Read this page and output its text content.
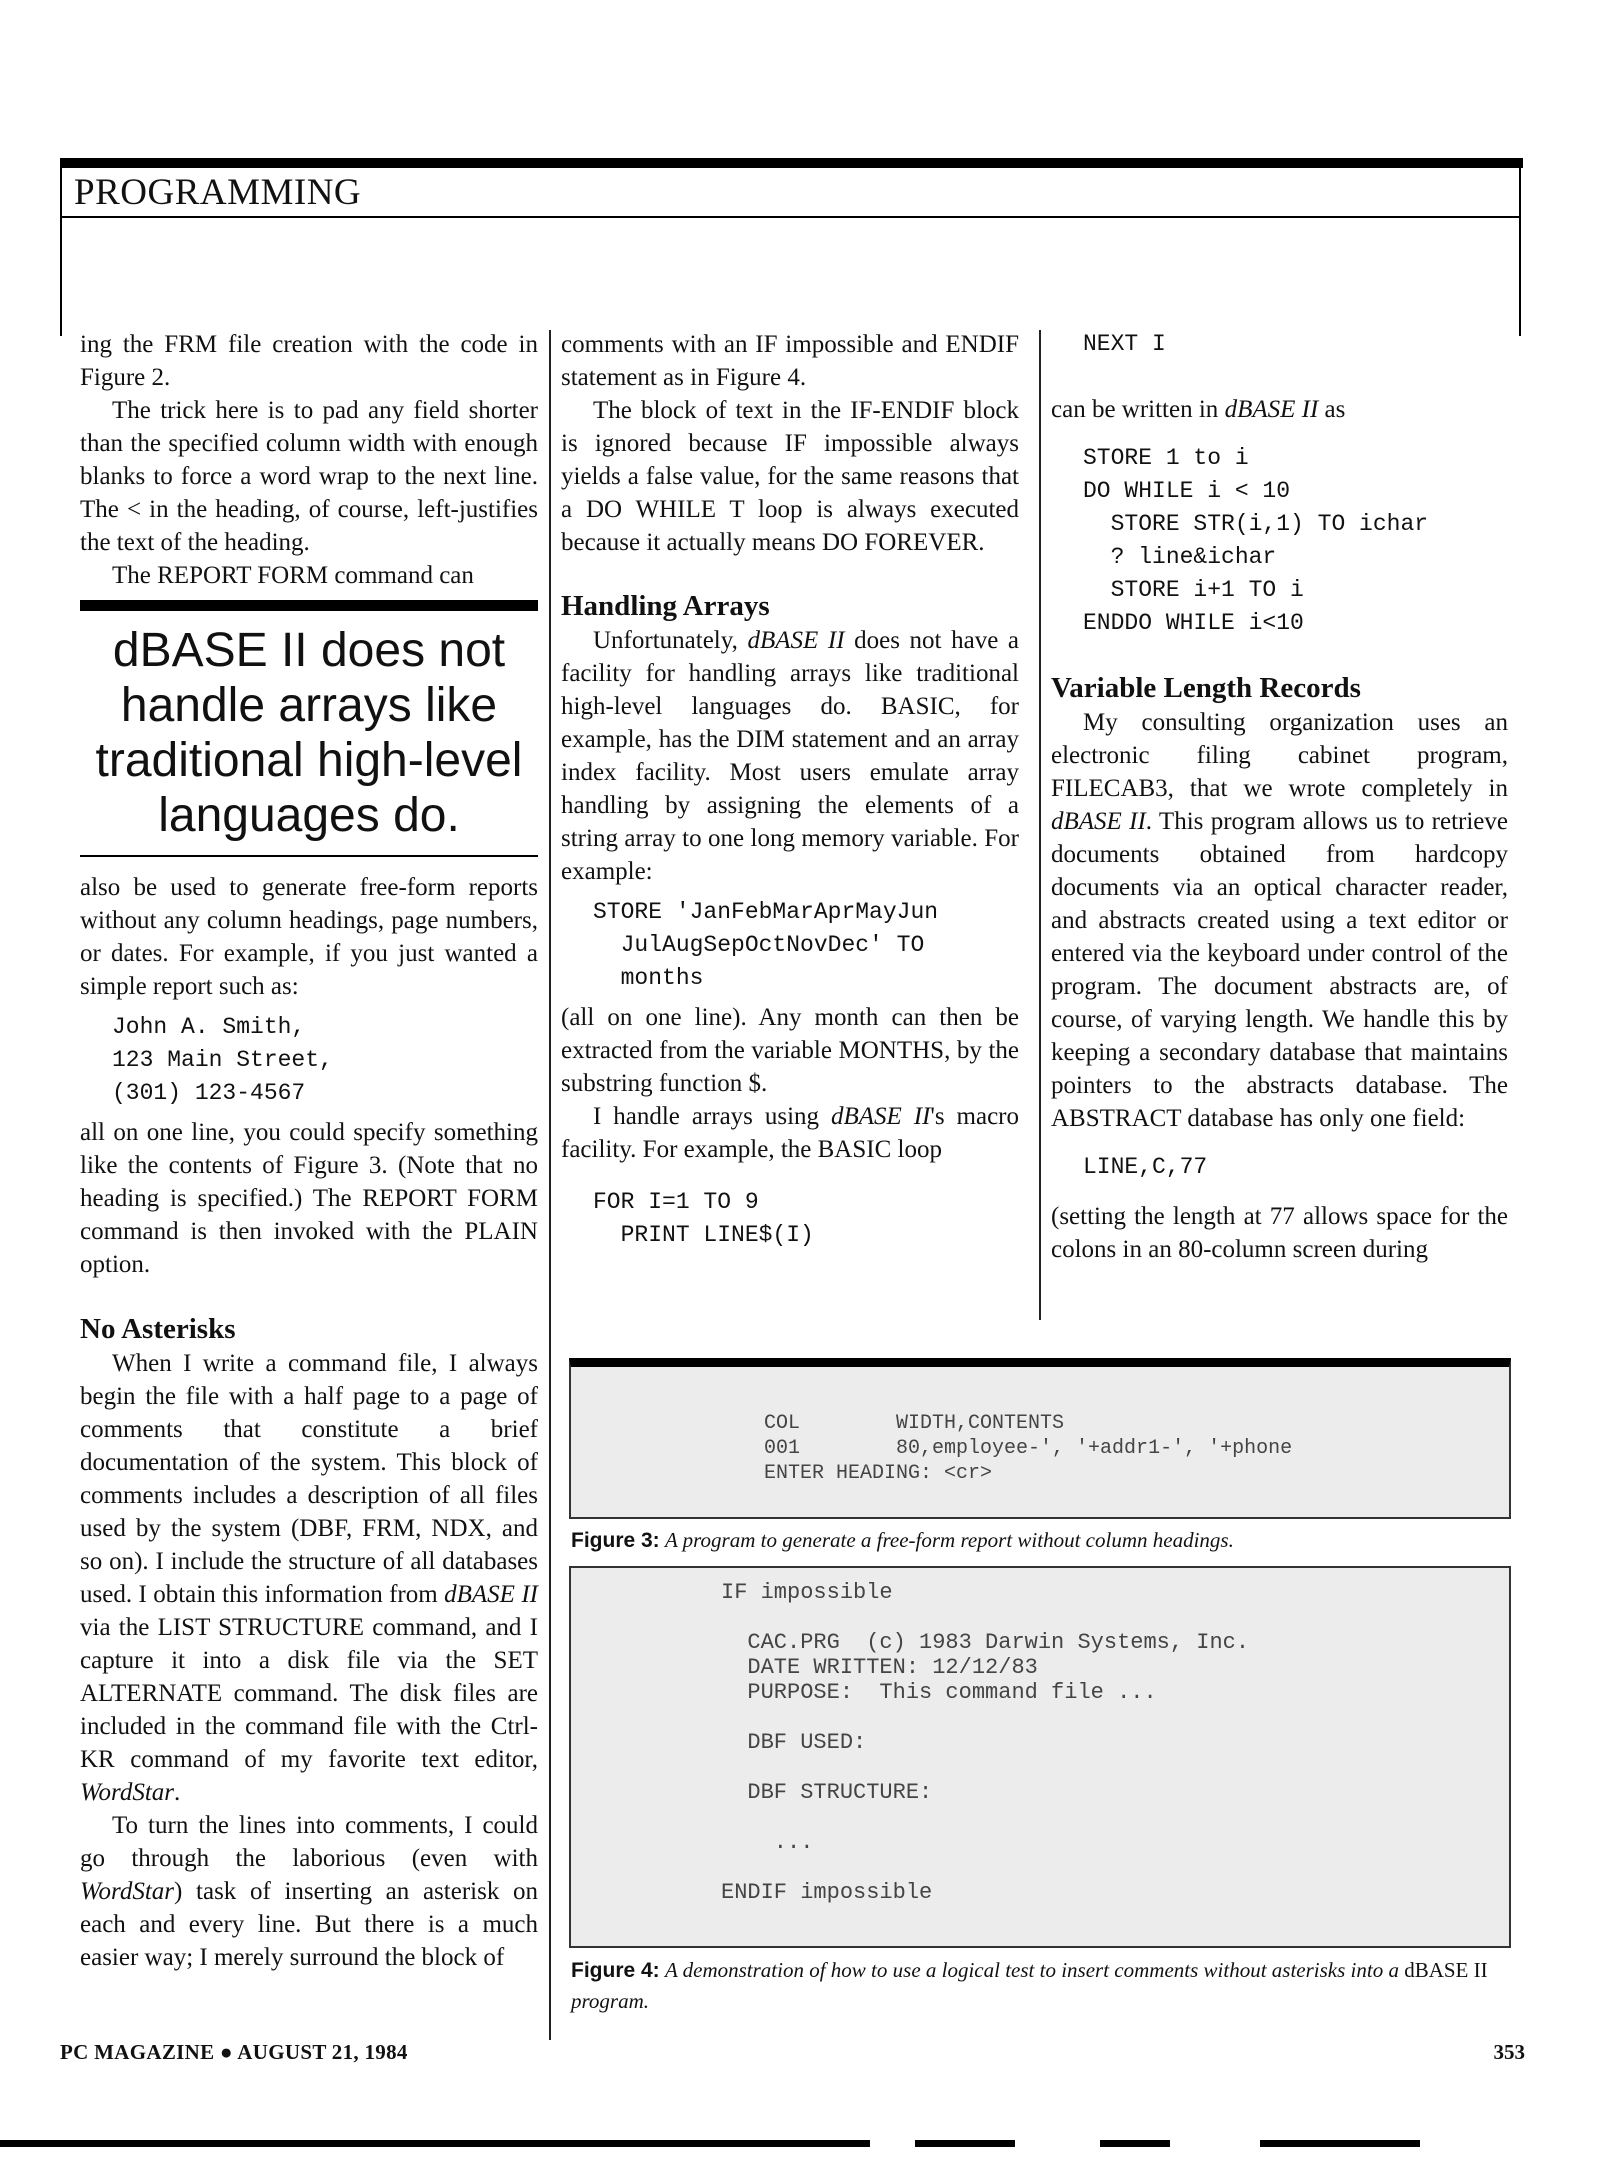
PROGRAMMING

ing the FRM file creation with the code in Figure 2.

The trick here is to pad any field shorter than the specified column width with enough blanks to force a word wrap to the next line. The < in the heading, of course, left-justifies the text of the heading.

The REPORT FORM command can

dBASE II does not handle arrays like traditional high-level languages do.

also be used to generate free-form reports without any column headings, page numbers, or dates. For example, if you just wanted a simple report such as:

John A. Smith,
123 Main Street,
(301) 123-4567

all on one line, you could specify something like the contents of Figure 3. (Note that no heading is specified.) The REPORT FORM command is then invoked with the PLAIN option.

No Asterisks

When I write a command file, I always begin the file with a half page to a page of comments that constitute a brief documentation of the system. This block of comments includes a description of all files used by the system (DBF, FRM, NDX, and so on). I include the structure of all databases used. I obtain this information from dBASE II via the LIST STRUCTURE command, and I capture it into a disk file via the SET ALTERNATE command. The disk files are included in the command file with the Ctrl-KR command of my favorite text editor, WordStar.

To turn the lines into comments, I could go through the laborious (even with WordStar) task of inserting an asterisk on each and every line. But there is a much easier way; I merely surround the block of

comments with an IF impossible and ENDIF statement as in Figure 4.

The block of text in the IF-ENDIF block is ignored because IF impossible always yields a false value, for the same reasons that a DO WHILE T loop is always executed because it actually means DO FOREVER.

Handling Arrays

Unfortunately, dBASE II does not have a facility for handling arrays like traditional high-level languages do. BASIC, for example, has the DIM statement and an array index facility. Most users emulate array handling by assigning the elements of a string array to one long memory variable. For example:

STORE 'JanFebMarAprMayJun
JulAugSepOctNovDec' TO
months

(all on one line). Any month can then be extracted from the variable MONTHS, by the substring function $.

I handle arrays using dBASE II's macro facility. For example, the BASIC loop

FOR I=1 TO 9
PRINT LINE$(I)
NEXT I

can be written in dBASE II as

STORE 1 to i
DO WHILE i < 10
STORE STR(i,1) TO ichar
? line&ichar
STORE i+1 TO i
ENDDO WHILE i<10
Variable Length Records

My consulting organization uses an electronic filing cabinet program, FILECAB3, that we wrote completely in dBASE II. This program allows us to retrieve documents obtained from hardcopy documents via an optical character reader, and abstracts created using a text editor or entered via the keyboard under control of the program. The document abstracts are, of course, of varying length. We handle this by keeping a secondary database that maintains pointers to the abstracts database. The ABSTRACT database has only one field:

LINE,C,77

(setting the length at 77 allows space for the colons in an 80-column screen during

COL        WIDTH,CONTENTS
001        80,employee-', '+addr1-', '+phone
ENTER HEADING: <cr>
Figure 3: A program to generate a free-form report without column headings.
IF impossible

CAC.PRG  (c) 1983 Darwin Systems, Inc.
DATE WRITTEN: 12/12/83
PURPOSE:  This command file ...

DBF USED:

DBF STRUCTURE:

...

ENDIF impossible
Figure 4: A demonstration of how to use a logical test to insert comments without asterisks into a dBASE II program.
PC MAGAZINE ● AUGUST 21, 1984	353
